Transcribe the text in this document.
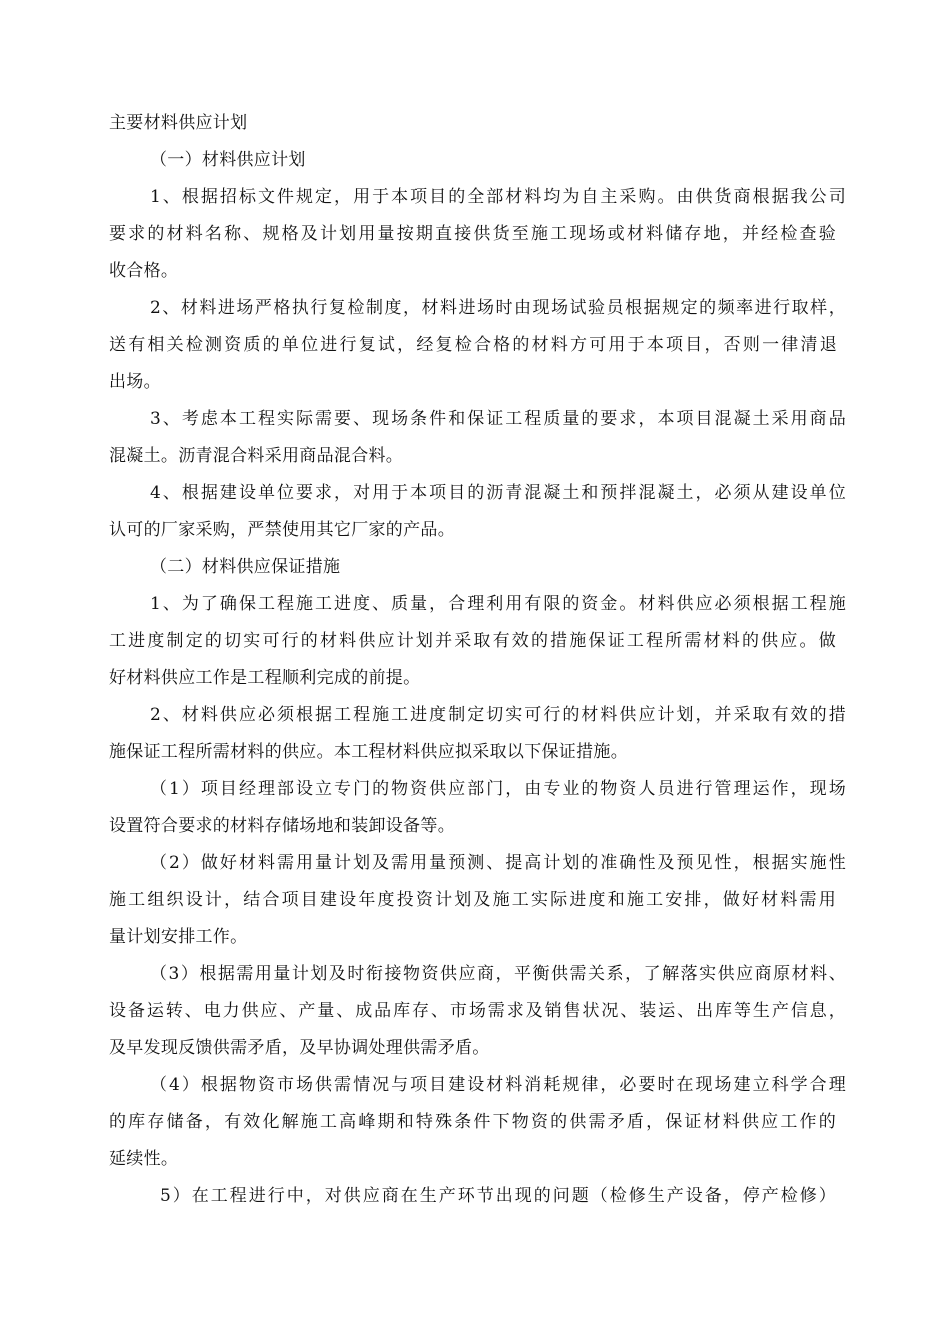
主要材料供应计划
（一）材料供应计划
1、根据招标文件规定，用于本项目的全部材料均为自主采购。由供货商根据我公司
要求的材料名称、规格及计划用量按期直接供货至施工现场或材料储存地，并经检查验
收合格。
2、材料进场严格执行复检制度，材料进场时由现场试验员根据规定的频率进行取样，
送有相关检测资质的单位进行复试，经复检合格的材料方可用于本项目，否则一律清退
出场。
3、考虑本工程实际需要、现场条件和保证工程质量的要求，本项目混凝土采用商品
混凝土。沥青混合料采用商品混合料。
4、根据建设单位要求，对用于本项目的沥青混凝土和预拌混凝土，必须从建设单位
认可的厂家采购，严禁使用其它厂家的产品。
（二）材料供应保证措施
1、为了确保工程施工进度、质量，合理利用有限的资金。材料供应必须根据工程施
工进度制定的切实可行的材料供应计划并采取有效的措施保证工程所需材料的供应。做
好材料供应工作是工程顺利完成的前提。
2、材料供应必须根据工程施工进度制定切实可行的材料供应计划，并采取有效的措
施保证工程所需材料的供应。本工程材料供应拟采取以下保证措施。
（1）项目经理部设立专门的物资供应部门，由专业的物资人员进行管理运作，现场
设置符合要求的材料存储场地和装卸设备等。
（2）做好材料需用量计划及需用量预测、提高计划的准确性及预见性，根据实施性
施工组织设计，结合项目建设年度投资计划及施工实际进度和施工安排，做好材料需用
量计划安排工作。
（3）根据需用量计划及时衔接物资供应商，平衡供需关系，了解落实供应商原材料、
设备运转、电力供应、产量、成品库存、市场需求及销售状况、装运、出库等生产信息，
及早发现反馈供需矛盾，及早协调处理供需矛盾。
（4）根据物资市场供需情况与项目建设材料消耗规律，必要时在现场建立科学合理
的库存储备，有效化解施工高峰期和特殊条件下物资的供需矛盾，保证材料供应工作的
延续性。
5）在工程进行中，对供应商在生产环节出现的问题（检修生产设备，停产检修）
